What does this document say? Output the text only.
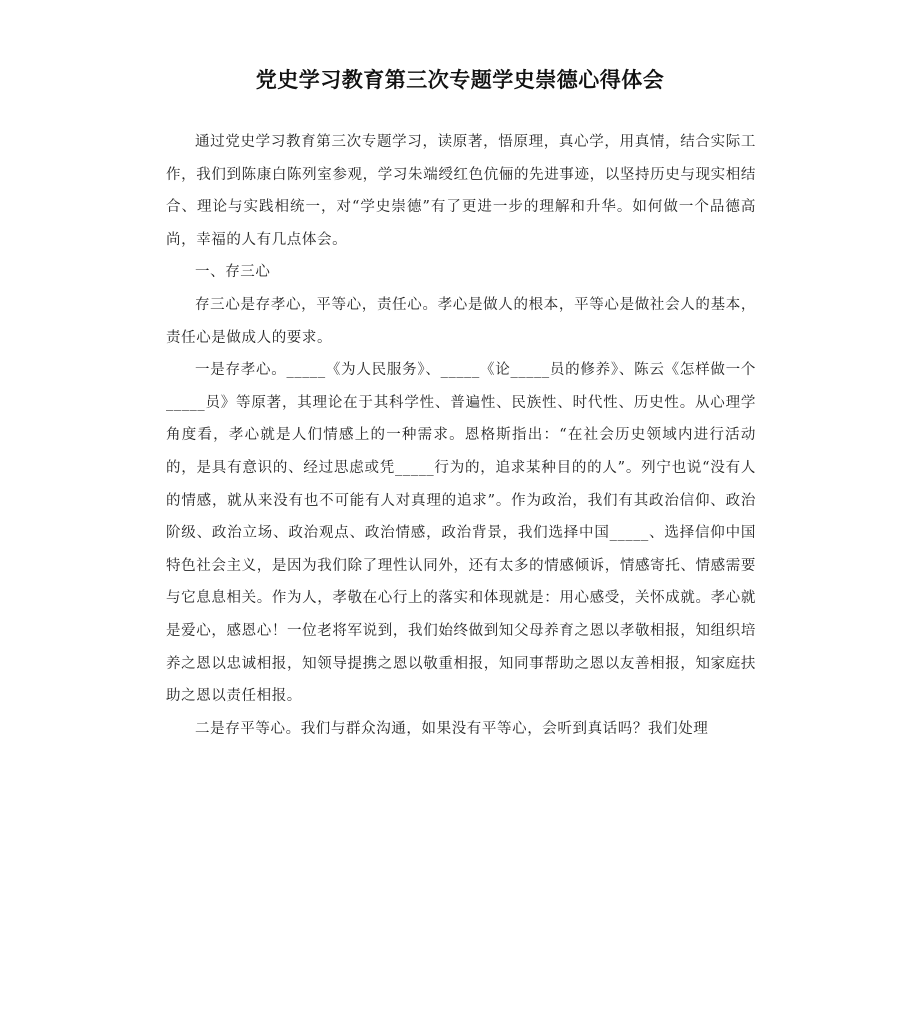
党史学习教育第三次专题学史崇德心得体会

通过党史学习教育第三次专题学习，读原著，悟原理，真心学，用真情，结合实际工作，我们到陈康白陈列室参观，学习朱端绶红色伉俪的先进事迹，以坚持历史与现实相结合、理论与实践相统一，对“学史崇德”有了更进一步的理解和升华。如何做一个品德高尚，幸福的人有几点体会。

一、存三心

存三心是存孝心，平等心，责任心。孝心是做人的根本，平等心是做社会人的基本，责任心是做成人的要求。

一是存孝心。_____《为人民服务》、_____《论_____员的修养》、陈云《怎样做一个_____员》等原著，其理论在于其科学性、普遍性、民族性、时代性、历史性。从心理学角度看，孝心就是人们情感上的一种需求。恩格斯指出：“在社会历史领域内进行活动的，是具有意识的、经过思虑或凭_____行为的，追求某种目的的人”。列宁也说“没有人的情感，就从来没有也不可能有人对真理的追求”。作为政治，我们有其政治信仰、政治阶级、政治立场、政治观点、政治情感，政治背景，我们选择中国_____、选择信仰中国特色社会主义，是因为我们除了理性认同外，还有太多的情感倾诉，情感寄托、情感需要与它息息相关。作为人，孝敬在心行上的落实和体现就是：用心感受，关怀成就。孝心就是爱心，感恩心！一位老将军说到，我们始终做到知父母养育之恩以孝敬相报，知组织培养之恩以忠诚相报，知领导提携之恩以敬重相报，知同事帮助之恩以友善相报，知家庭扶助之恩以责任相报。

二是存平等心。我们与群众沟通，如果没有平等心，会听到真话吗？我们处理
